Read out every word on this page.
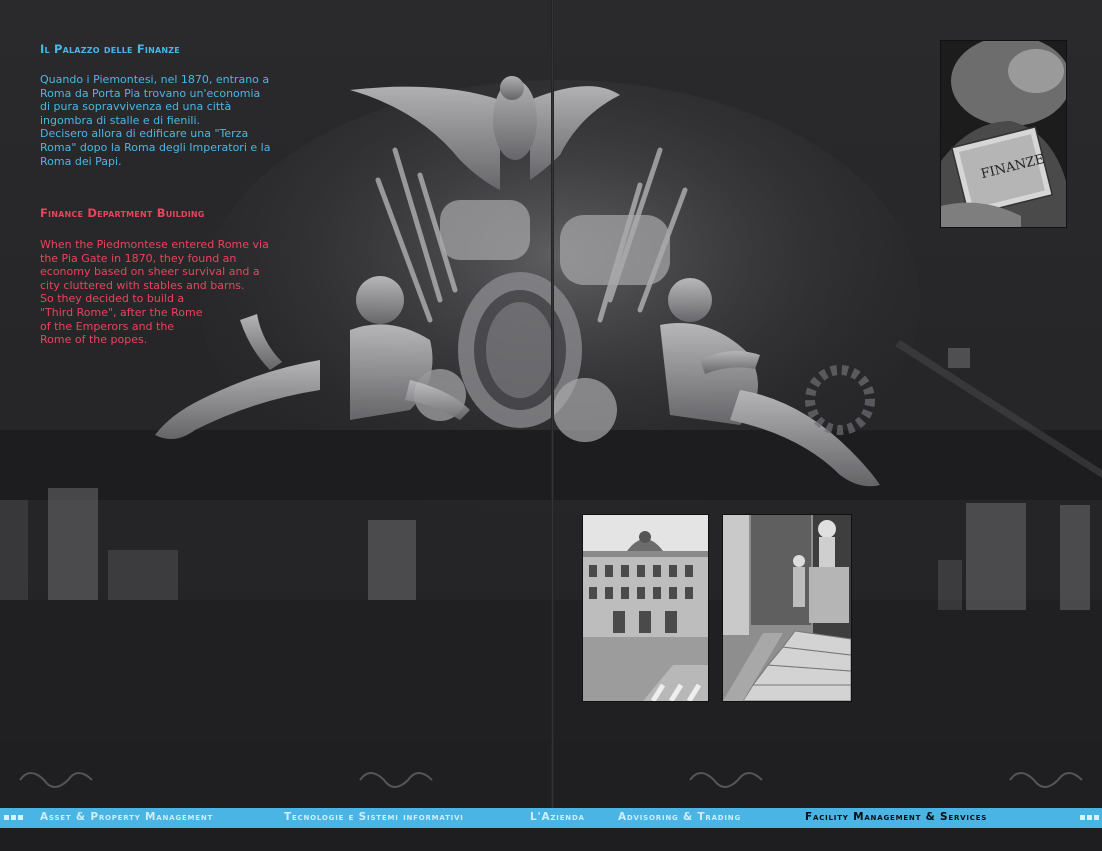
Il Palazzo delle Finanze
Quando i Piemontesi, nel 1870, entrano a
Roma da Porta Pia trovano un'economia
di pura sopravvivenza ed una città
ingombra di stalle e di fienili.
Decisero allora di edificare una "Terza
Roma" dopo la Roma degli Imperatori e la
Roma dei Papi.
Finance Department Building
When the Piedmontese entered Rome via
the Pia Gate in 1870, they found an
economy based on sheer survival and a
city cluttered with stables and barns.
So they decided to build a
"Third Rome", after the Rome
of the Emperors and the
Rome of the popes.
FINANZE
Asset & Property Management	Tecnologie e Sistemi informativi	L'Azienda	Advisoring & Trading	Facility Management & Services
